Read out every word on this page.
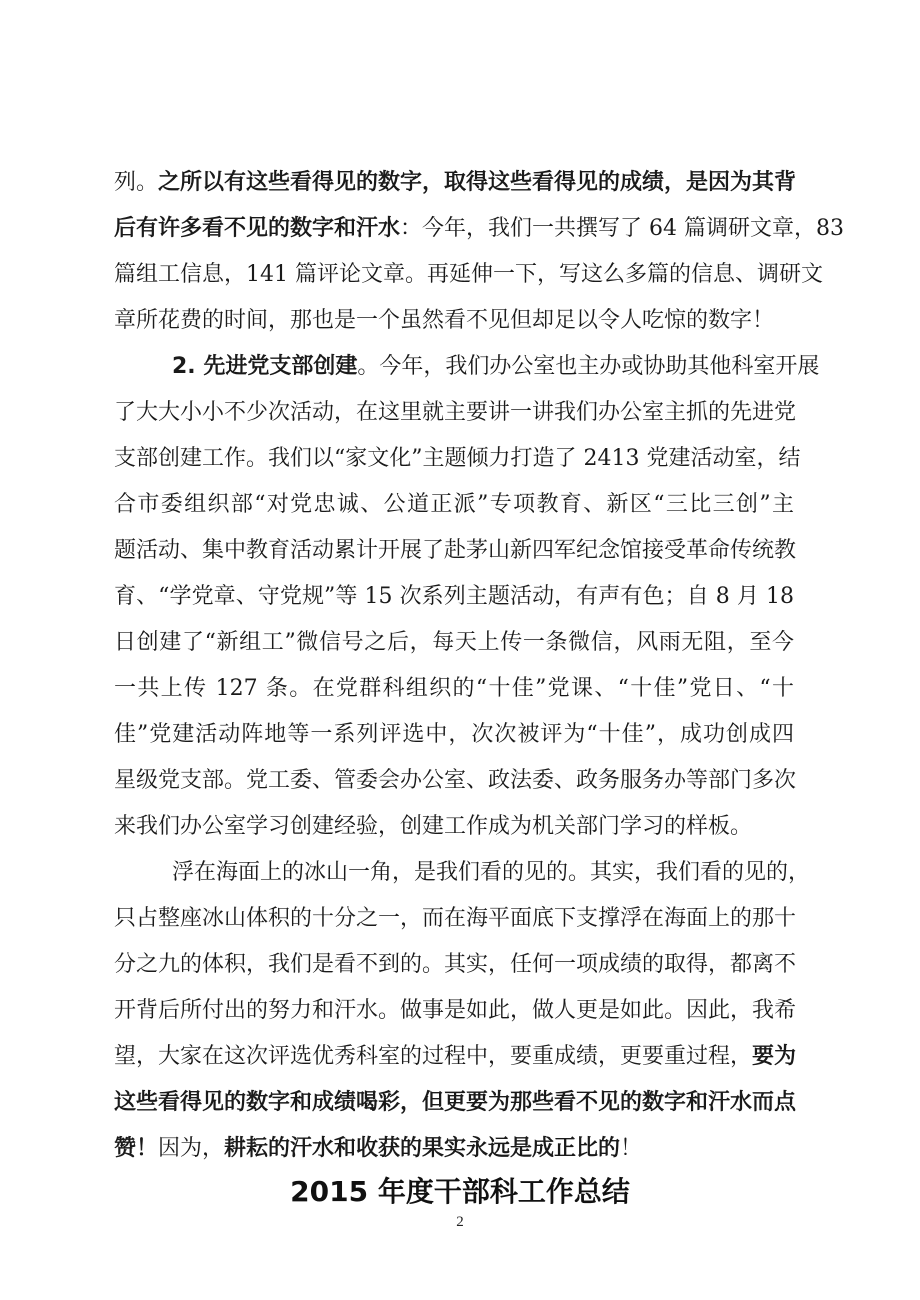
列。之所以有这些看得见的数字，取得这些看得见的成绩，是因为其背
后有许多看不见的数字和汗水：今年，我们一共撰写了 64 篇调研文章，83
篇组工信息，141 篇评论文章。再延伸一下，写这么多篇的信息、调研文
章所花费的时间，那也是一个虽然看不见但却足以令人吃惊的数字！
2. 先进党支部创建。今年，我们办公室也主办或协助其他科室开展
了大大小小不少次活动，在这里就主要讲一讲我们办公室主抓的先进党
支部创建工作。我们以“家文化”主题倾力打造了 2413 党建活动室，结
合市委组织部“对党忠诚、公道正派”专项教育、新区“三比三创”主
题活动、集中教育活动累计开展了赴茅山新四军纪念馆接受革命传统教
育、“学党章、守党规”等 15 次系列主题活动，有声有色；自 8 月 18
日创建了“新组工”微信号之后，每天上传一条微信，风雨无阻，至今
一共上传 127 条。在党群科组织的“十佳”党课、“十佳”党日、“十
佳”党建活动阵地等一系列评选中，次次被评为“十佳”，成功创成四
星级党支部。党工委、管委会办公室、政法委、政务服务办等部门多次
来我们办公室学习创建经验，创建工作成为机关部门学习的样板。
浮在海面上的冰山一角，是我们看的见的。其实，我们看的见的，
只占整座冰山体积的十分之一，而在海平面底下支撑浮在海面上的那十
分之九的体积，我们是看不到的。其实，任何一项成绩的取得，都离不
开背后所付出的努力和汗水。做事是如此，做人更是如此。因此，我希
望，大家在这次评选优秀科室的过程中，要重成绩，更要重过程，要为
这些看得见的数字和成绩喝彩，但更要为那些看不见的数字和汗水而点
赞！因为，耕耘的汗水和收获的果实永远是成正比的！
2015 年度干部科工作总结
2
